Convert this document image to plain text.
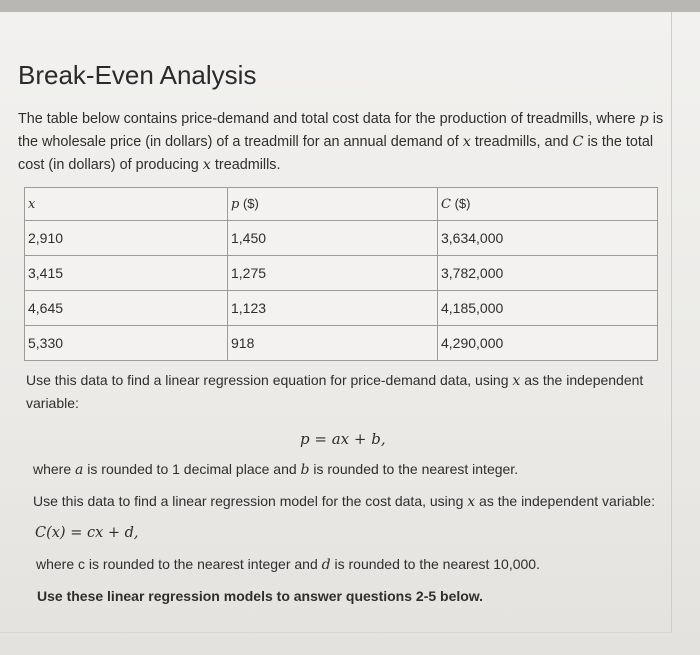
Break-Even Analysis

The table below contains price-demand and total cost data for the production of treadmills, where p is the wholesale price (in dollars) of a treadmill for an annual demand of x treadmills, and C is the total cost (in dollars) of producing x treadmills.

x	p ($)	C ($)
2,910	1,450	3,634,000
3,415	1,275	3,782,000
4,645	1,123	4,185,000
5,330	918	4,290,000

Use this data to find a linear regression equation for price-demand data, using x as the independent variable:

p = ax + b,

where a is rounded to 1 decimal place and b is rounded to the nearest integer.

Use this data to find a linear regression model for the cost data, using x as the independent variable:

C(x) = cx + d,

where c is rounded to the nearest integer and d is rounded to the nearest 10,000.

Use these linear regression models to answer questions 2-5 below.
